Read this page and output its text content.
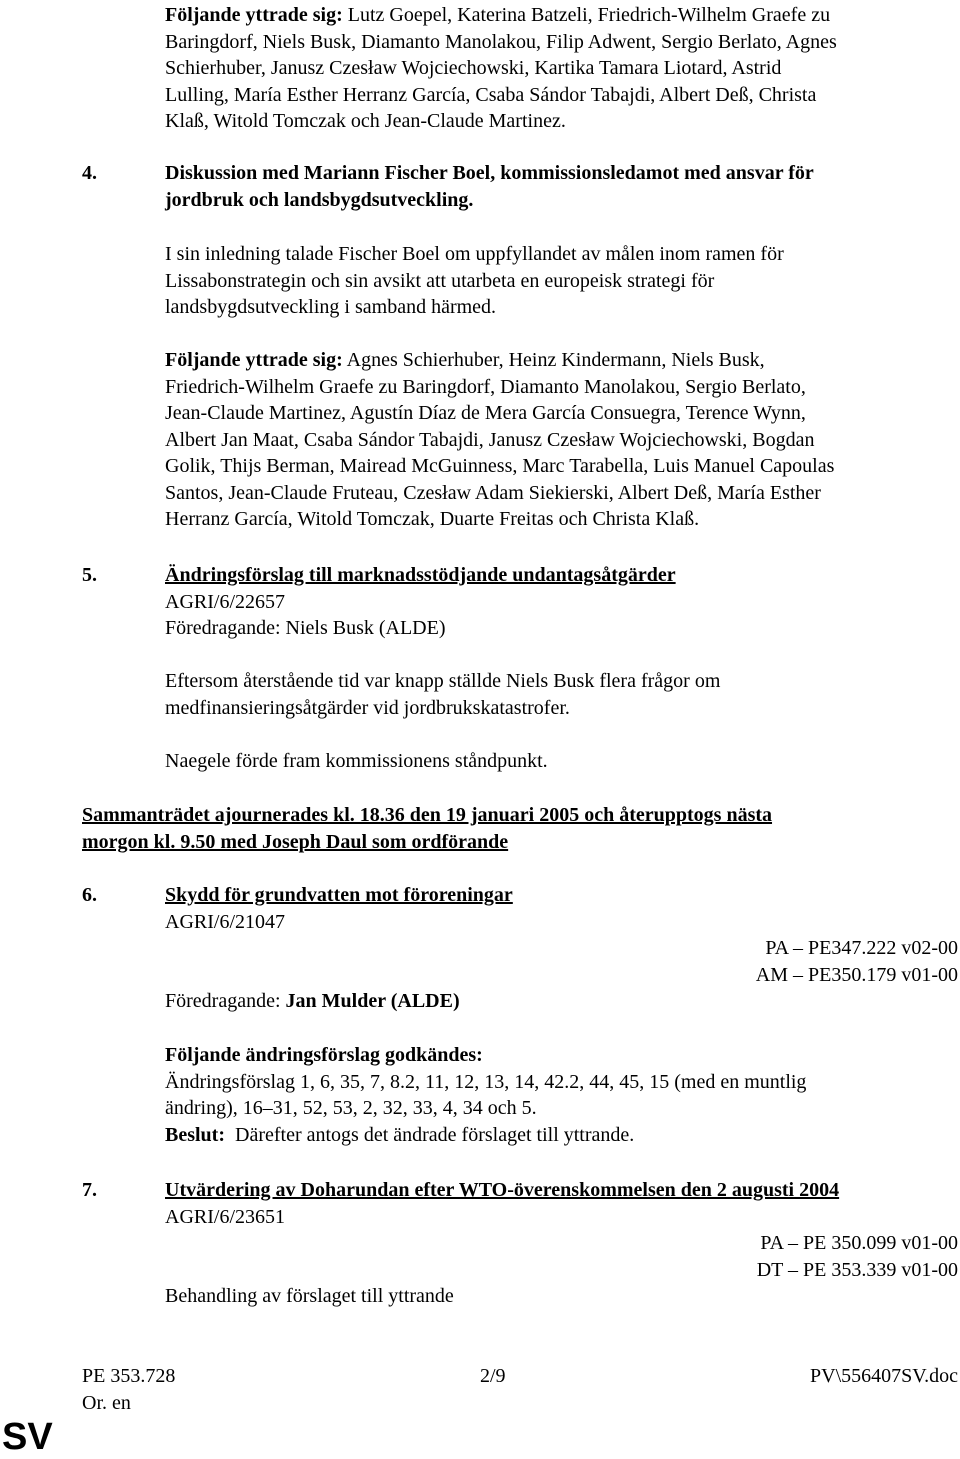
Följande yttrade sig: Lutz Goepel, Katerina Batzeli, Friedrich-Wilhelm Graefe zu
Baringdorf, Niels Busk, Diamanto Manolakou, Filip Adwent, Sergio Berlato, Agnes
Schierhuber, Janusz Czesław Wojciechowski, Kartika Tamara Liotard, Astrid
Lulling, María Esther Herranz García, Csaba Sándor Tabajdi, Albert Deß, Christa
Klaß, Witold Tomczak och Jean-Claude Martinez.
4.	Diskussion med Mariann Fischer Boel, kommissionsledamot med ansvar för
jordbruk och landsbygdsutveckling.
I sin inledning talade Fischer Boel om uppfyllandet av målen inom ramen för
Lissabonstrategin och sin avsikt att utarbeta en europeisk strategi för
landsbygdsutveckling i samband härmed.
Följande yttrade sig: Agnes Schierhuber, Heinz Kindermann, Niels Busk,
Friedrich-Wilhelm Graefe zu Baringdorf, Diamanto Manolakou, Sergio Berlato,
Jean-Claude Martinez, Agustín Díaz de Mera García Consuegra, Terence Wynn,
Albert Jan Maat, Csaba Sándor Tabajdi, Janusz Czesław Wojciechowski, Bogdan
Golik, Thijs Berman, Mairead McGuinness, Marc Tarabella, Luis Manuel Capoulas
Santos, Jean-Claude Fruteau, Czesław Adam Siekierski, Albert Deß, María Esther
Herranz García, Witold Tomczak, Duarte Freitas och Christa Klaß.
5.	Ändringsförslag till marknadsstödjande undantagsåtgärder
AGRI/6/22657
Föredragande: Niels Busk (ALDE)
Eftersom återstående tid var knapp ställde Niels Busk flera frågor om
medfinansieringsåtgärder vid jordbrukskatastrofer.
Naegele förde fram kommissionens ståndpunkt.
Sammanträdet ajournerades kl. 18.36 den 19 januari 2005 och återupptogs nästa
morgon kl. 9.50 med Joseph Daul som ordförande
6.	Skydd för grundvatten mot föroreningar
AGRI/6/21047
PA – PE347.222 v02-00
AM – PE350.179 v01-00
Föredragande: Jan Mulder (ALDE)
Följande ändringsförslag godkändes:
Ändringsförslag 1, 6, 35, 7, 8.2, 11, 12, 13, 14, 42.2, 44, 45, 15 (med en muntlig
ändring), 16–31, 52, 53, 2, 32, 33, 4, 34 och 5.
Beslut: Därefter antogs det ändrade förslaget till yttrande.
7.	Utvärdering av Doharundan efter WTO-överenskommelsen den 2 augusti 2004
AGRI/6/23651
PA – PE 350.099 v01-00
DT – PE 353.339 v01-00
Behandling av förslaget till yttrande
PE 353.728	2/9	PV\556407SV.doc
Or. en
SV
